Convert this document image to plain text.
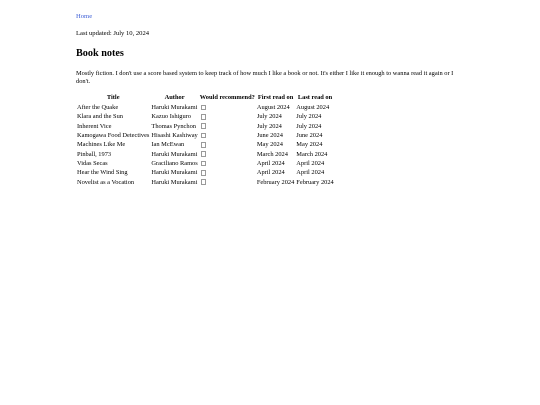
Home
Last updated: July 10, 2024
Book notes

Mostly fiction. I don't use a score based system to keep track of how much I like a book or not. It's either I like it enough to wanna read it again or I don't.

Title	Author	Would recommend?	First read on	Last read on
After the Quake	Haruki Murakami		August 2024	August 2024
Klara and the Sun	Kazuo Ishiguro		July 2024	July 2024
Inherent Vice	Thomas Pynchon		July 2024	July 2024
Kamogawa Food Detectives	Hisashi Kashiway		June 2024	June 2024
Machines Like Me	Ian McEwan		May 2024	May 2024
Pinball, 1973	Haruki Murakami		March 2024	March 2024
Vidas Secas	Graciliano Ramos		April 2024	April 2024
Hear the Wind Sing	Haruki Murakami		April 2024	April 2024
Novelist as a Vocation	Haruki Murakami		February 2024	February 2024
